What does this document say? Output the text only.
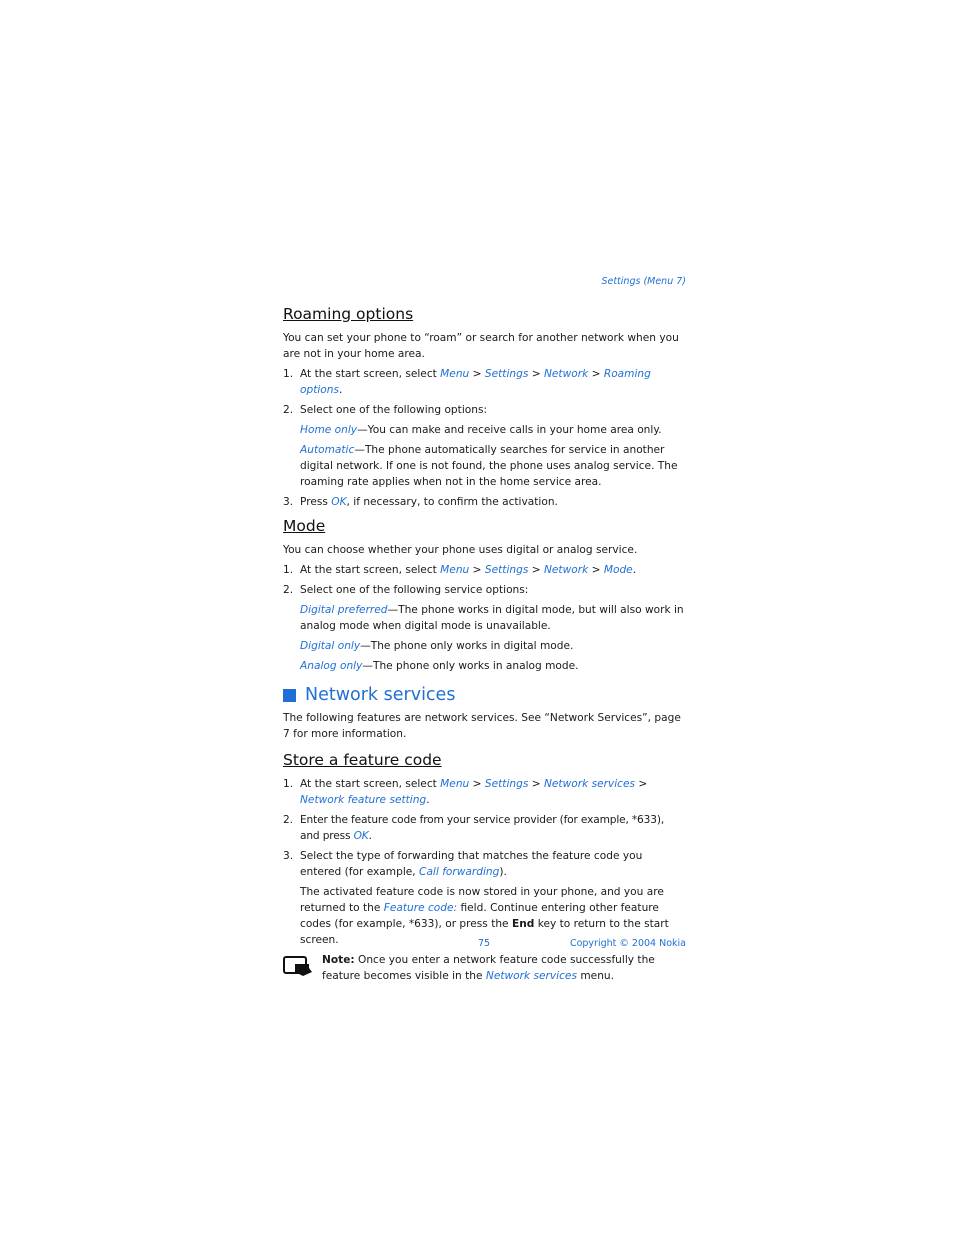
Settings (Menu 7)
Roaming options

You can set your phone to “roam” or search for another network when you are not in your home area.

1. At the start screen, select Menu > Settings > Network > Roaming options.
2. Select one of the following options:

Home only—You can make and receive calls in your home area only.

Automatic—The phone automatically searches for service in another digital network. If one is not found, the phone uses analog service. The roaming rate applies when not in the home service area.

3. Press OK, if necessary, to confirm the activation.
Mode

You can choose whether your phone uses digital or analog service.

1. At the start screen, select Menu > Settings > Network > Mode.
2. Select one of the following service options:

Digital preferred—The phone works in digital mode, but will also work in analog mode when digital mode is unavailable.

Digital only—The phone only works in digital mode.

Analog only—The phone only works in analog mode.

Network services

The following features are network services. See “Network Services”, page 7 for more information.

Store a feature code
1. At the start screen, select Menu > Settings > Network services > Network feature setting.
2. Enter the feature code from your service provider (for example, *633), and press OK.
3. Select the type of forwarding that matches the feature code you entered (for example, Call forwarding).

The activated feature code is now stored in your phone, and you are returned to the Feature code: field. Continue entering other feature codes (for example, *633), or press the End key to return to the start screen.

Note: Once you enter a network feature code successfully the feature becomes visible in the Network services menu.

75	Copyright © 2004 Nokia
